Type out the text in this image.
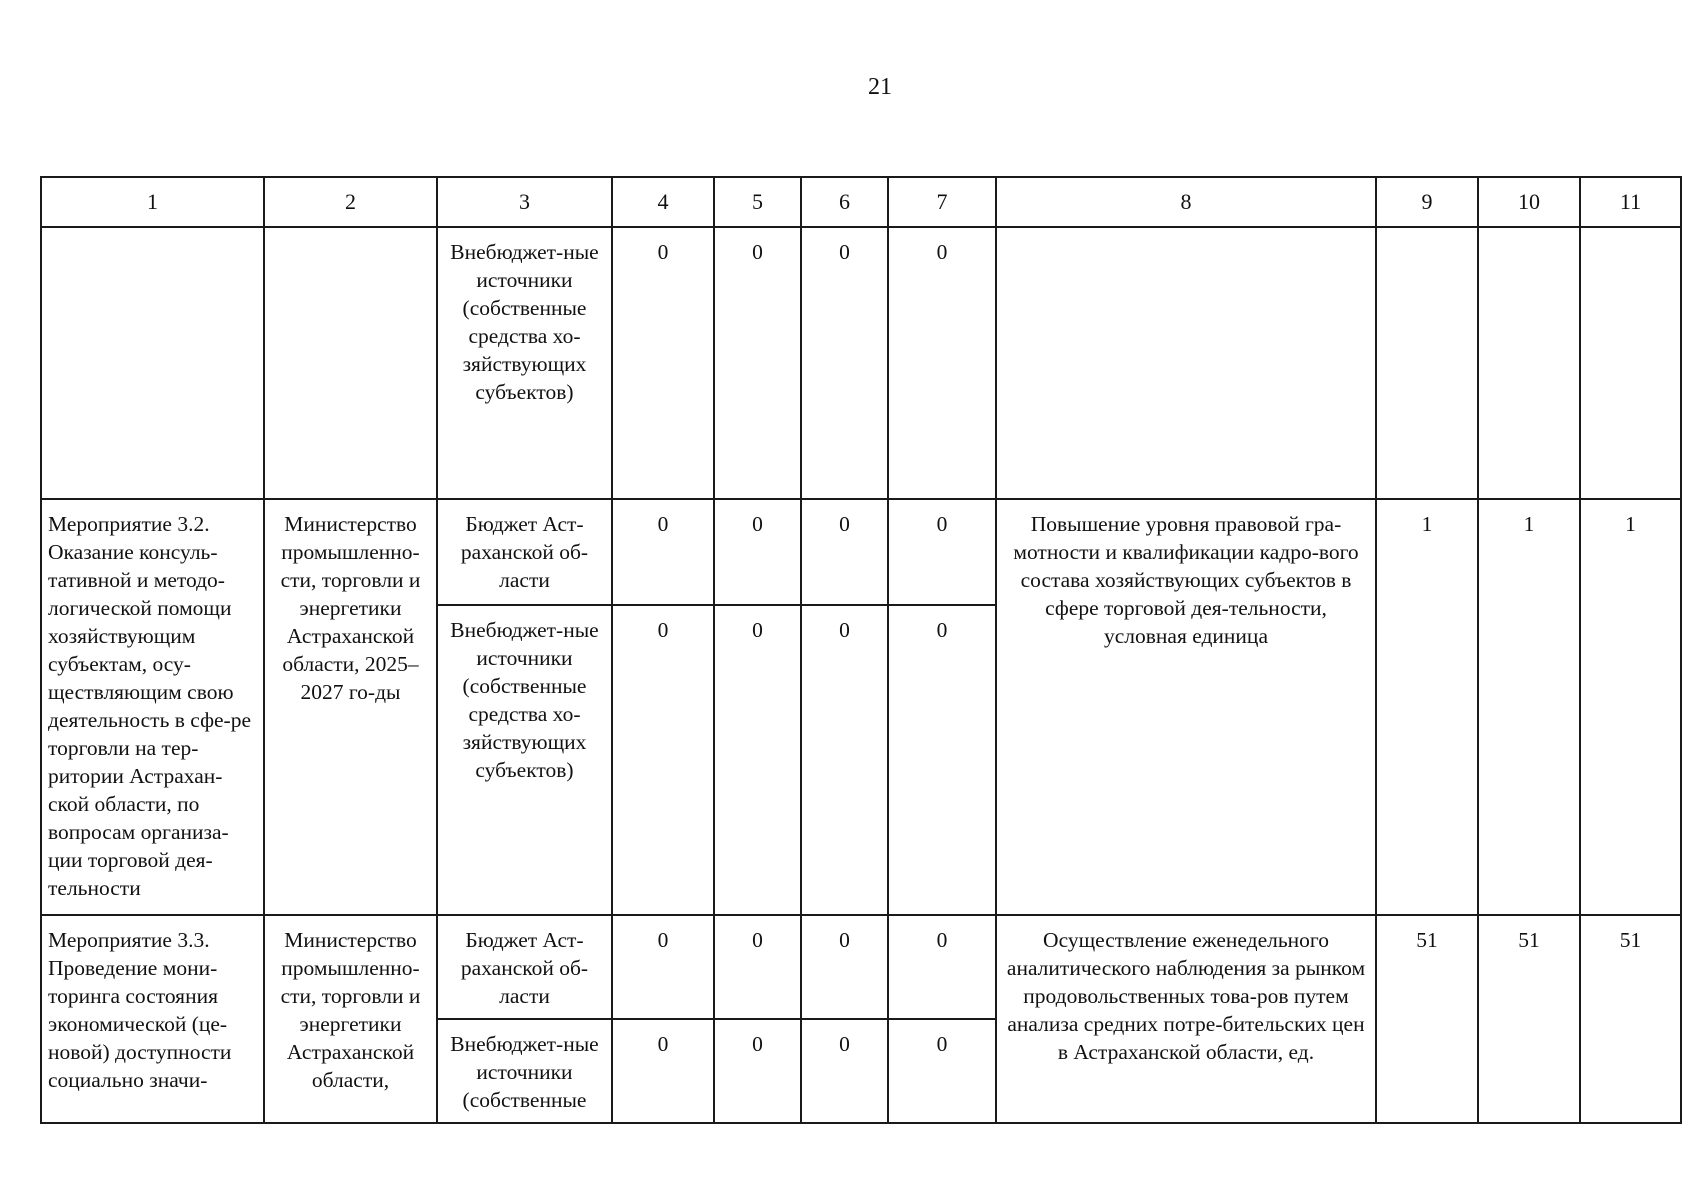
21
1	2	3	4	5	6	7	8	9	10	11
		Внебюджет-ные источники (собственные средства хо-зяйствующих субъектов)	0	0	0	0				
Мероприятие 3.2. Оказание консуль-тативной и методо-логической помощи хозяйствующим субъектам, осу-ществляющим свою деятельность в сфе-ре торговли на тер-ритории Астрахан-ской области, по вопросам организа-ции торговой дея-тельности	Министерство промышленно-сти, торговли и энергетики Астраханской области, 2025–2027 го-ды	Бюджет Аст-раханской об-ласти	0	0	0	0	Повышение уровня правовой гра-мотности и квалификации кадро-вого состава хозяйствующих субъектов в сфере торговой дея-тельности, условная единица	1	1	1
		Внебюджет-ные источники (собственные средства хо-зяйствующих субъектов)	0	0	0	0				
Мероприятие 3.3. Проведение мони-торинга состояния экономической (це-новой) доступности социально значи-	Министерство промышленно-сти, торговли и энергетики Астраханской области,	Бюджет Аст-раханской об-ласти	0	0	0	0	Осуществление еженедельного аналитического наблюдения за рынком продовольственных това-ров путем анализа средних потре-бительских цен в Астраханской области, ед.	51	51	51
		Внебюджет-ные источники (собственные	0	0	0	0				
